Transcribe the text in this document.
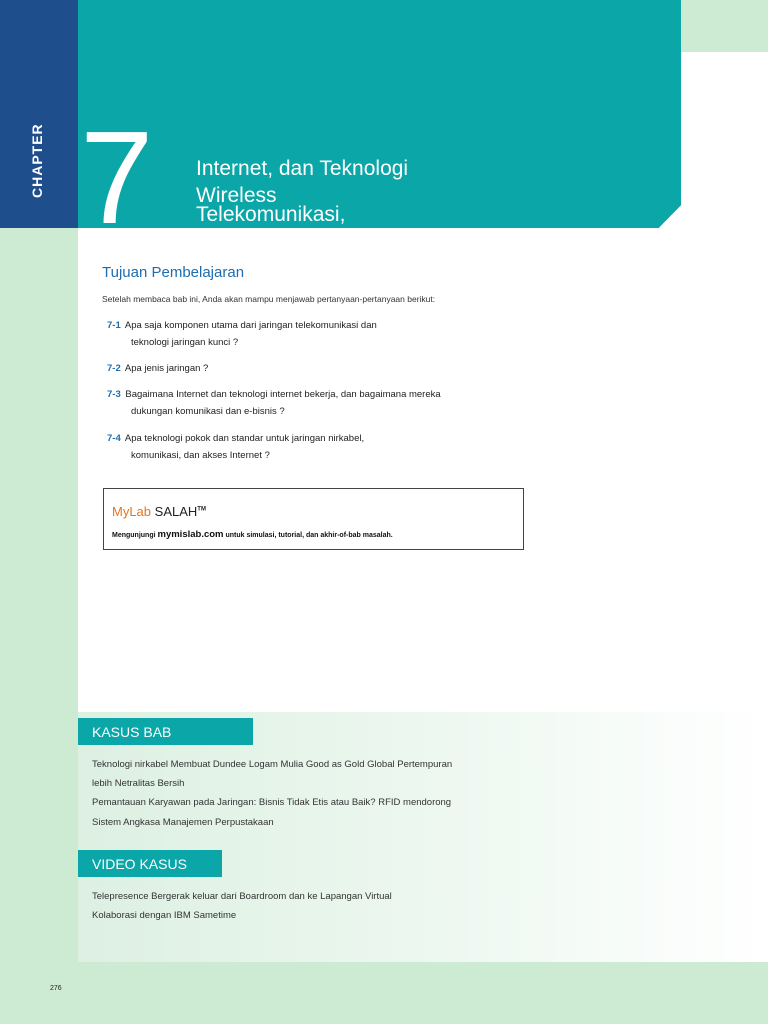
CHAPTER 7 Internet, dan Teknologi
Wireless
Telekomunikasi,
Tujuan Pembelajaran
Setelah membaca bab ini, Anda akan mampu menjawab pertanyaan-pertanyaan berikut:
7-1 Apa saja komponen utama dari jaringan telekomunikasi dan
teknologi jaringan kunci ?
7-2 Apa jenis jaringan ?
7-3 Bagaimana Internet dan teknologi internet bekerja, dan bagaimana mereka
dukungan komunikasi dan e-bisnis ?
7-4 Apa teknologi pokok dan standar untuk jaringan nirkabel,
komunikasi, dan akses Internet ?
MyLab SALAH™
Mengunjungi mymislab.com untuk simulasi, tutorial, dan akhir-of-bab masalah.
KASUS BAB
Teknologi nirkabel Membuat Dundee Logam Mulia Good as Gold Global Pertempuran
lebih Netralitas Bersih
Pemantauan Karyawan pada Jaringan: Bisnis Tidak Etis atau Baik? RFID mendorong
Sistem Angkasa Manajemen Perpustakaan
VIDEO KASUS
Telepresence Bergerak keluar dari Boardroom dan ke Lapangan Virtual
Kolaborasi dengan IBM Sametime
276
